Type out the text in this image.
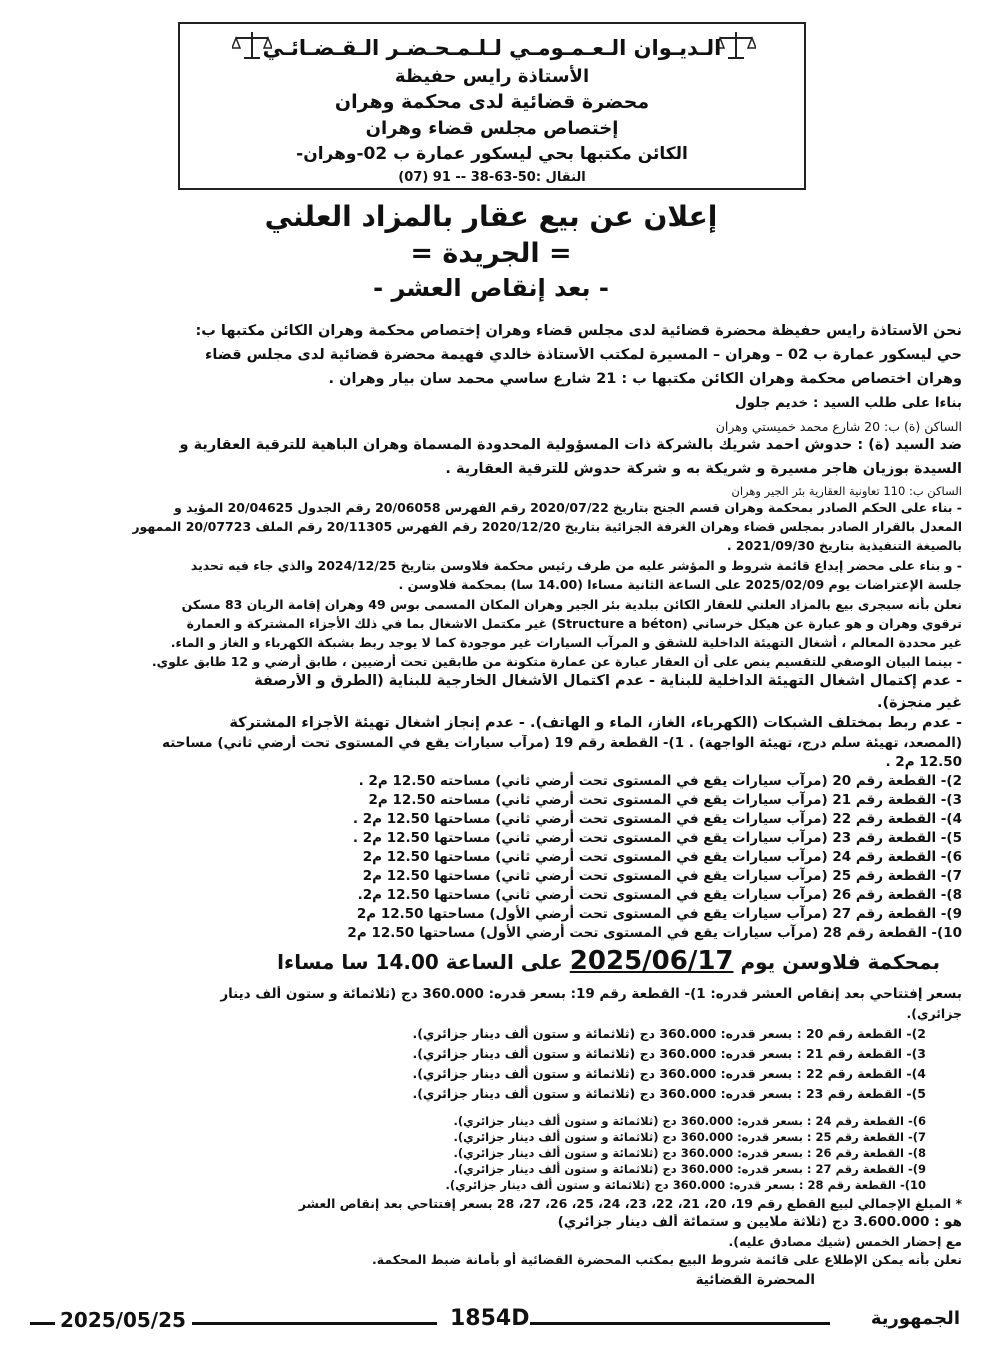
الـديـوان الـعـمـومـي لـلـمـحـضـر الـقـضـائـي
الأستاذة رايس حفيظة
محضرة قضائية لدى محكمة وهران
إختصاص مجلس قضاء وهران
الكائن مكتبها بحي ليسكور عمارة ب 02-وهران-
النقال :50-63-38 -- 91 (07)
إعلان عن بيع عقار بالمزاد العلني
= الجريدة =
- بعد إنقاص العشر -
نحن الأستاذة رايس حفيظة محضرة قضائية لدى مجلس قضاء وهران إختصاص محكمة وهران الكائن مكتبها ب:
حي ليسكور عمارة ب 02 – وهران – المسيرة لمكتب الأستاذة خالدي فهيمة محضرة قضائية لدى مجلس قضاء
وهران اختصاص محكمة وهران الكائن مكتبها ب : 21 شارع ساسي محمد سان بيار وهران .
بناءا على طلب السيد : خديم جلول
الساكن (ة) ب: 20 شارع محمد خميستي وهران
ضد السيد (ة) : حدوش احمد شريك بالشركة ذات المسؤولية المحدودة المسماة وهران الباهية للترقية العقارية و
السيدة بوزيان هاجر مسيرة و شريكة به و شركة حدوش للترقية العقارية .
الساكن ب: 110 تعاونية العقارية بئر الجير وهران
- بناء على الحكم الصادر بمحكمة وهران قسم الجنح بتاريخ 2020/07/22 رقم الفهرس 20/06058 رقم الجدول 20/04625 المؤيد و
المعدل بالقرار الصادر بمجلس قضاء وهران الغرفة الجزائية بتاريخ 2020/12/20 رقم الفهرس 20/11305 رقم الملف 20/07723 الممهور
بالصيغة التنفيذية بتاريخ 2021/09/30 .
- و بناء على محضر إيداع قائمة شروط و المؤشر عليه من طرف رئيس محكمة فلاوسن بتاريخ 2024/12/25 والذي جاء فيه تحديد
جلسة الإعتراضات يوم 2025/02/09 على الساعة الثانية مساءا (14.00 سا) بمحكمة فلاوسن .
نعلن بأنه سيجرى بيع بالمزاد العلني للعقار الكائن ببلدية بئر الجير وهران المكان المسمى بوس 49 وهران إقامة الريان 83 مسكن
ترقوي وهران و هو عبارة عن هيكل خرساني (Structure a béton) غير مكتمل الاشغال بما في ذلك الأجزاء المشتركة و العمارة
غير محددة المعالم ، أشغال التهيئة الداخلية للشقق و المرآب السيارات غير موجودة كما لا يوجد ربط بشبكة الكهرباء و الغاز و الماء.
- بينما البيان الوصفي للتقسيم ينص على أن العقار عبارة عن عمارة متكونة من طابقين تحت أرضيين ، طابق أرضي و 12 طابق علوي.
- عدم إكتمال أشغال التهيئة الداخلية للبناية - عدم اكتمال الأشغال الخارجية للبناية (الطرق و الأرصفة
غير منجزة).
- عدم ربط بمختلف الشبكات (الكهرباء، الغاز، الماء و الهاتف). - عدم إنجاز أشغال تهيئة الأجزاء المشتركة
(المصعد، تهيئة سلم درج، تهيئة الواجهة) . 1)- القطعة رقم 19 (مرآب سيارات يقع في المستوى تحت أرضي ثاني) مساحته
12.50 م2 .
2)- القطعة رقم 20 (مرآب سيارات يقع في المستوى تحت أرضي ثاني) مساحته 12.50 م2 .
3)- القطعة رقم 21 (مرآب سيارات يقع في المستوى تحت أرضي ثاني) مساحته 12.50 م2
4)- القطعة رقم 22 (مرآب سيارات يقع في المستوى تحت أرضي ثاني) مساحتها 12.50 م2 .
5)- القطعة رقم 23 (مرآب سيارات يقع في المستوى تحت أرضي ثاني) مساحتها 12.50 م2 .
6)- القطعة رقم 24 (مرآب سيارات يقع في المستوى تحت أرضي ثاني) مساحتها 12.50 م2
7)- القطعة رقم 25 (مرآب سيارات يقع في المستوى تحت أرضي ثاني) مساحتها 12.50 م2
8)- القطعة رقم 26 (مرآب سيارات يقع في المستوى تحت أرضي ثاني) مساحتها 12.50 م2.
9)- القطعة رقم 27 (مرآب سيارات يقع في المستوى تحت أرضي الأول) مساحتها 12.50 م2
10)- القطعة رقم 28 (مرآب سيارات يقع في المستوى تحت أرضي الأول) مساحتها 12.50 م2
بمحكمة فلاوسن يوم 2025/06/17 على الساعة 14.00 سا مساءا
بسعر إفتتاحي بعد إنقاص العشر قدره: 1)- القطعة رقم 19: بسعر قدره: 360.000 دج (ثلاثمائة و ستون ألف دينار
جزائري).
2)- القطعة رقم 20 : بسعر قدره: 360.000 دج (ثلاثمائة و ستون ألف دينار جزائري).
3)- القطعة رقم 21 : بسعر قدره: 360.000 دج (ثلاثمائة و ستون ألف دينار جزائري).
4)- القطعة رقم 22 : بسعر قدره: 360.000 دج (ثلاثمائة و ستون ألف دينار جزائري).
5)- القطعة رقم 23 : بسعر قدره: 360.000 دج (ثلاثمائة و ستون ألف دينار جزائري).
6)- القطعة رقم 24 : بسعر قدره: 360.000 دج (ثلاثمائة و ستون ألف دينار جزائري).
7)- القطعة رقم 25 : بسعر قدره: 360.000 دج (ثلاثمائة و ستون ألف دينار جزائري).
8)- القطعة رقم 26 : بسعر قدره: 360.000 دج (ثلاثمائة و ستون ألف دينار جزائري).
9)- القطعة رقم 27 : بسعر قدره: 360.000 دج (ثلاثمائة و ستون ألف دينار جزائري).
10)- القطعة رقم 28 : بسعر قدره: 360.000 دج (ثلاثمائة و ستون ألف دينار جزائري).
* المبلغ الإجمالي لبيع القطع رقم 19، 20، 21، 22، 23، 24، 25، 26، 27، 28 بسعر إفتتاحي بعد إنقاص العشر
هو : 3.600.000 دج (ثلاثة ملايين و ستمائة ألف دينار جزائري)
مع إحضار الخمس (شيك مصادق عليه).
نعلن بأنه يمكن الإطلاع على قائمة شروط البيع بمكتب المحضرة القضائية أو بأمانة ضبط المحكمة.
المحضرة القضائية
2025/05/25	1854D	الجمهورية
